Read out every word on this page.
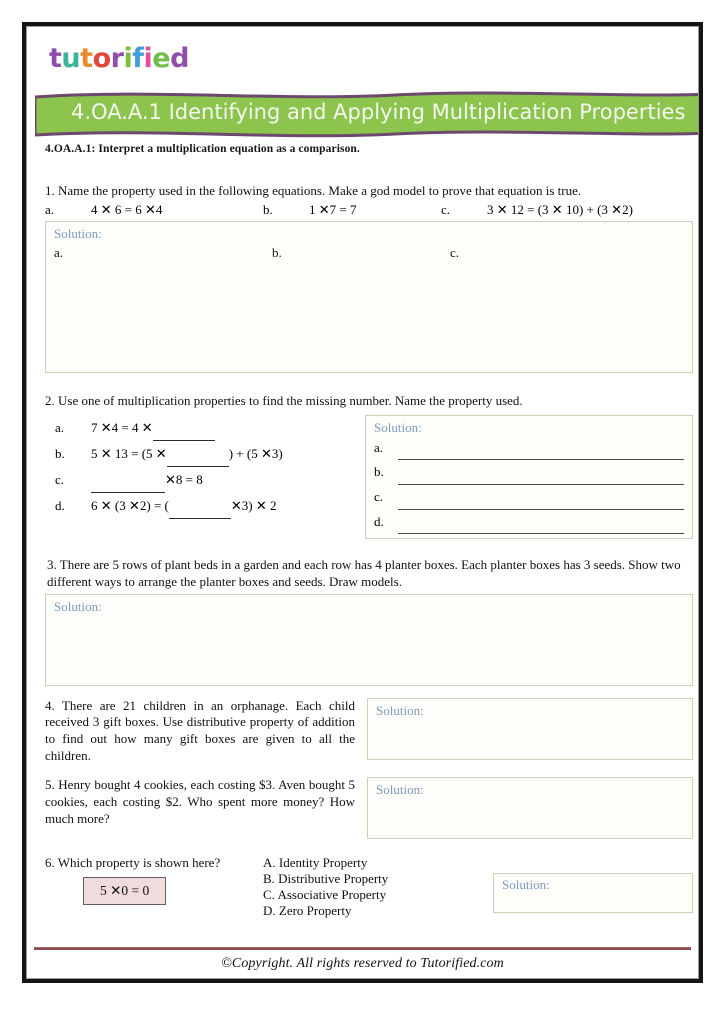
tutorified
4.OA.A.1 Identifying and Applying Multiplication Properties
4.OA.A.1: Interpret a multiplication equation as a comparison.
1. Name the property used in the following equations. Make a god model to prove that equation is true.
a.	4 ✕ 6 = 6 ✕4	b.	1 ✕7 = 7	c.	3 ✕ 12 = (3 ✕ 10) + (3 ✕2)
Solution:
a.	b.	c.
2. Use one of multiplication properties to find the missing number. Name the property used.
a.	7 ✕4 = 4 ✕
b.	5 ✕ 13 = (5 ✕	) + (5 ✕3)
c.	✕8 = 8
d.	6 ✕ (3 ✕2) = (	✕3) ✕ 2
Solution:
a.
b.
c.
d.
3. There are 5 rows of plant beds in a garden and each row has 4 planter boxes. Each planter boxes has 3 seeds. Show two different ways to arrange the planter boxes and seeds. Draw models.
Solution:
4. There are 21 children in an orphanage. Each child received 3 gift boxes. Use distributive property of addition to find out how many gift boxes are given to all the children.
Solution:
5. Henry bought 4 cookies, each costing $3. Aven bought 5 cookies, each costing $2. Who spent more money? How much more?
Solution:
6. Which property is shown here?
5 ✕0 = 0
A. Identity Property
B. Distributive Property
C. Associative Property
D. Zero Property
Solution:
©Copyright. All rights reserved to Tutorified.com
